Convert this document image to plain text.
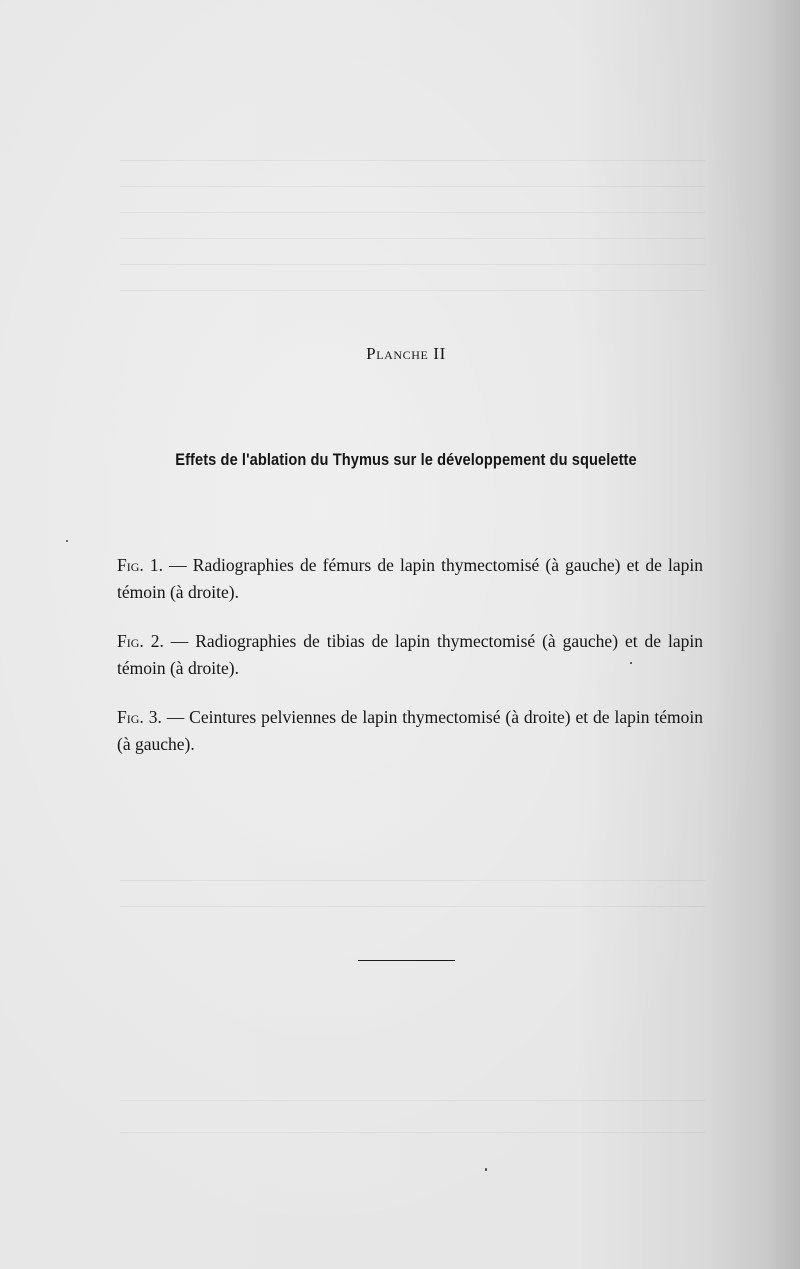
Planche II
Effets de l'ablation du Thymus sur le développement du squelette
Fig. 1. — Radiographies de fémurs de lapin thymectomisé (à gauche) et de lapin témoin (à droite).
Fig. 2. — Radiographies de tibias de lapin thymectomisé (à gauche) et de lapin témoin (à droite).
Fig. 3. — Ceintures pelviennes de lapin thymectomisé (à droite) et de lapin témoin (à gauche).
